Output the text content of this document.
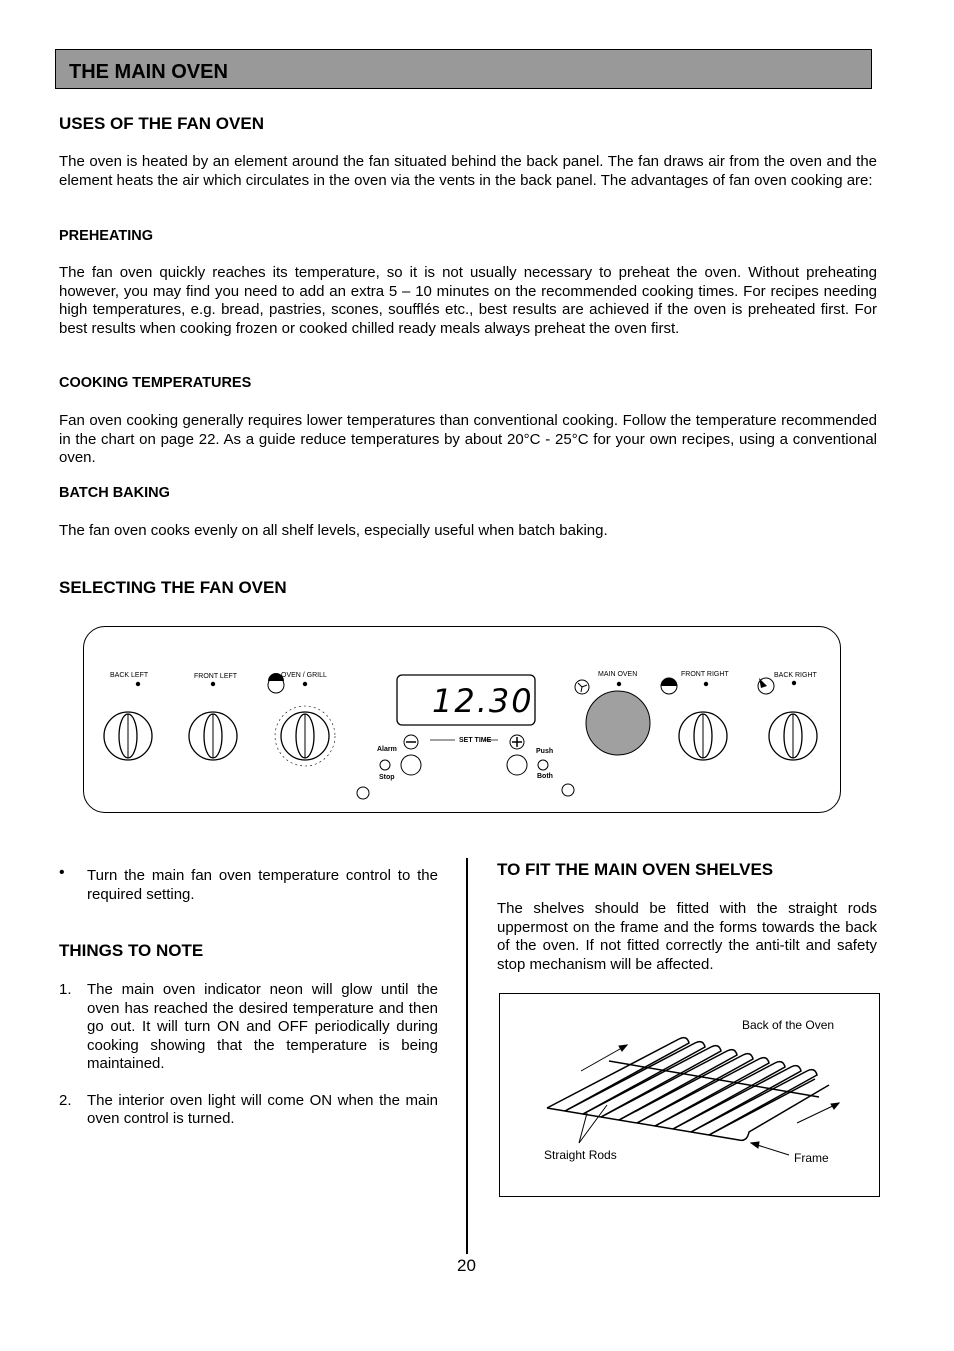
THE MAIN OVEN
USES OF THE FAN OVEN

The oven is heated by an element around the fan situated behind the back panel. The fan draws air from the oven and the element heats the air which circulates in the oven via the vents in the back panel. The advantages of fan oven cooking are:

PREHEATING

The fan oven quickly reaches its temperature, so it is not usually necessary to preheat the oven. Without preheating however, you may find you need to add an extra 5 – 10 minutes on the recommended cooking times. For recipes needing high temperatures, e.g. bread, pastries, scones, soufflés etc., best results are achieved if the oven is preheated first. For best results when cooking frozen or cooked chilled ready meals always preheat the oven first.

COOKING TEMPERATURES

Fan oven cooking generally requires lower temperatures than conventional cooking. Follow the temperature recommended in the chart on page 22. As a guide reduce temperatures by about 20°C - 25°C for your own recipes, using a conventional oven.

BATCH BAKING

The fan oven cooks evenly on all shelf levels, especially useful when batch baking.

SELECTING THE FAN OVEN
BACK LEFT	FRONT LEFT	OVEN / GRILL	MAIN OVEN	FRONT RIGHT	BACK RIGHT
12.30
SET TIME
Alarm
Stop
Push
Both
• Turn the main fan oven temperature control to the required setting.

THINGS TO NOTE
1. The main oven indicator neon will glow until the oven has reached the desired temperature and then go out. It will turn ON and OFF periodically during cooking showing that the temperature is being maintained.
2. The interior oven light will come ON when the main oven control is turned.
TO FIT THE MAIN OVEN SHELVES

The shelves should be fitted with the straight rods uppermost on the frame and the forms towards the back of the oven. If not fitted correctly the anti-tilt and safety stop mechanism will be affected.

Back of the Oven
Straight Rods	Frame
20
